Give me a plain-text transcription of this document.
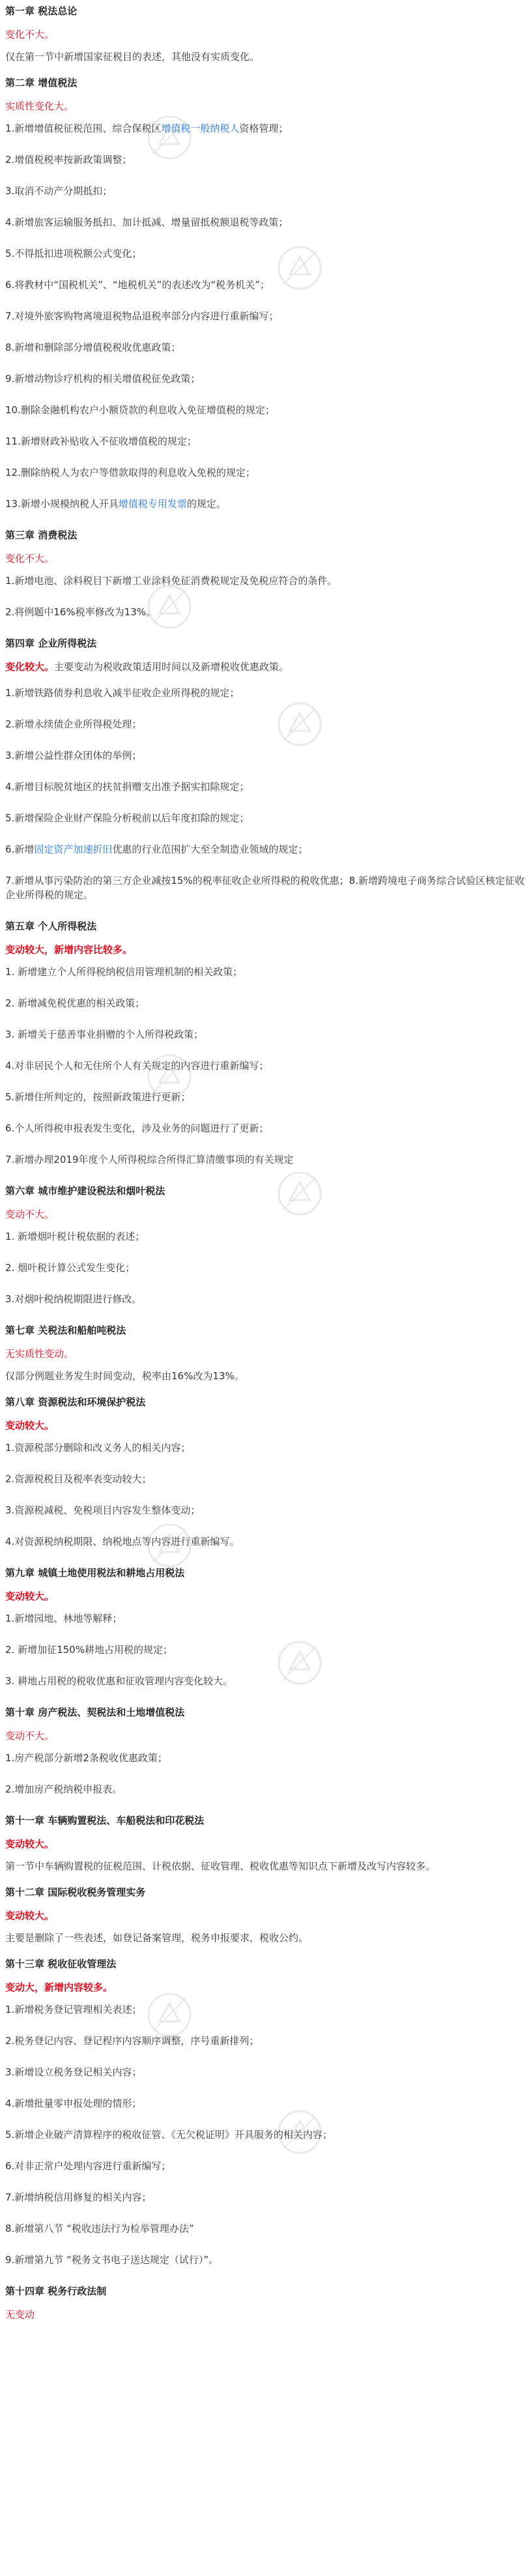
第一章 税法总论
变化不大。
仅在第一节中新增国家征税目的表述，其他没有实质变化。
第二章 增值税法
实质性变化大。
1.新增增值税征税范围、综合保税区增值税一般纳税人资格管理；
2.增值税税率按新政策调整；
3.取消不动产分期抵扣；
4.新增旅客运输服务抵扣、加计抵减、增量留抵税额退税等政策；
5.不得抵扣进项税额公式变化；
6.将教材中“国税机关”、“地税机关”的表述改为“税务机关”；
7.对境外旅客购物离境退税物品退税率部分内容进行重新编写；
8.新增和删除部分增值税税收优惠政策；
9.新增动物诊疗机构的相关增值税征免政策；
10.删除金融机构农户小额贷款的利息收入免征增值税的规定；
11.新增财政补贴收入不征收增值税的规定；
12.删除纳税人为农户等借款取得的利息收入免税的规定；
13.新增小规模纳税人开具增值税专用发票的规定。
第三章 消费税法
变化不大。
1.新增电池、涂料税目下新增工业涂料免征消费税规定及免税应符合的条件。
2.将例题中16%税率修改为13%。
第四章 企业所得税法
变化较大。主要变动为税收政策适用时间以及新增税收优惠政策。
1.新增铁路债券利息收入减半征收企业所得税的规定；
2.新增永续债企业所得税处理；
3.新增公益性群众团体的举例；
4.新增目标脱贫地区的扶贫捐赠支出准予据实扣除规定；
5.新增保险企业财产保险分析税前以后年度扣除的规定；
6.新增固定资产加速折旧优惠的行业范围扩大至全制造业领域的规定；
7.新增从事污染防治的第三方企业减按15%的税率征收企业所得税的税收优惠；8.新增跨境电子商务综合试验区核定征收企业所得税的规定。
第五章 个人所得税法
变动较大，新增内容比较多。
1. 新增建立个人所得税纳税信用管理机制的相关政策；
2. 新增减免税优惠的相关政策；
3. 新增关于慈善事业捐赠的个人所得税政策；
4.对非居民个人和无住所个人有关规定的内容进行重新编写；
5.新增住所判定的，按照新政策进行更新；
6.个人所得税申报表发生变化，涉及业务的问题进行了更新；
7.新增办理2019年度个人所得税综合所得汇算清缴事项的有关规定
第六章 城市维护建设税法和烟叶税法
变动不大。
1. 新增烟叶税计税依据的表述；
2. 烟叶税计算公式发生变化；
3.对烟叶税纳税期限进行修改。
第七章 关税法和船舶吨税法
无实质性变动。
仅部分例题业务发生时间变动，税率由16%改为13%。
第八章 资源税法和环境保护税法
变动较大。
1.资源税部分删除和改义务人的相关内容；
2.资源税税目及税率表变动较大；
3.资源税减税、免税项目内容发生整体变动；
4.对资源税纳税期限、纳税地点等内容进行重新编写。
第九章 城镇土地使用税法和耕地占用税法
变动较大。
1.新增园地、林地等解释；
2. 新增加征150%耕地占用税的规定；
3. 耕地占用税的税收优惠和征收管理内容变化较大。
第十章 房产税法、契税法和土地增值税法
变动不大。
1.房产税部分新增2条税收优惠政策；
2.增加房产税纳税申报表。
第十一章 车辆购置税法、车船税法和印花税法
变动较大。
第一节中车辆购置税的征税范围、计税依据、征收管理、税收优惠等知识点下新增及改写内容较多。
第十二章 国际税收税务管理实务
变动较大。
主要是删除了一些表述，如登记备案管理，税务申报要求，税收公约。
第十三章 税收征收管理法
变动大，新增内容较多。
1.新增税务登记管理相关表述；
2.税务登记内容、登记程序内容顺序调整，序号重新排列；
3.新增设立税务登记相关内容；
4.新增批量零申报处理的情形；
5.新增企业破产清算程序的税收征管、《无欠税证明》开具服务的相关内容；
6.对非正常户处理内容进行重新编写；
7.新增纳税信用修复的相关内容；
8.新增第八节 “税收违法行为检举管理办法”
9.新增第九节 “税务文书电子送达规定（试行）”。
第十四章 税务行政法制
无变动
